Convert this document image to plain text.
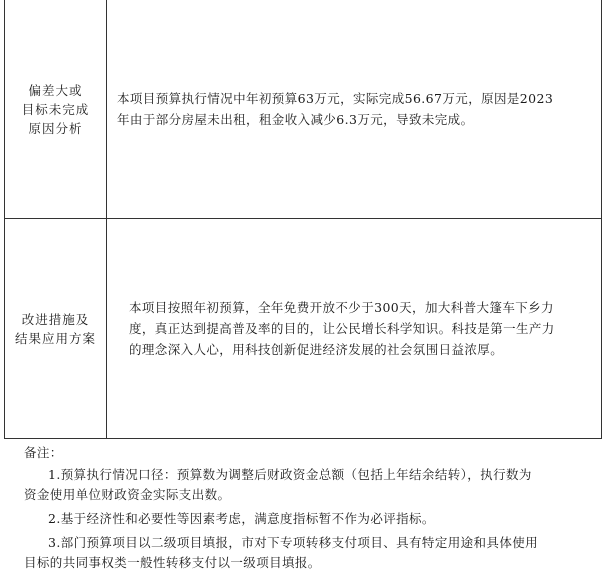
偏差大或
目标未完成
原因分析
本项目预算执行情况中年初预算63万元，实际完成56.67万元，原因是2023
年由于部分房屋未出租，租金收入减少6.3万元，导致未完成。
改进措施及
结果应用方案
本项目按照年初预算，全年免费开放不少于300天，加大科普大篷车下乡力
度，真正达到提高普及率的目的，让公民增长科学知识。科技是第一生产力
的理念深入人心，用科技创新促进经济发展的社会氛围日益浓厚。
备注：
1.预算执行情况口径：预算数为调整后财政资金总额（包括上年结余结转），执行数为
资金使用单位财政资金实际支出数。
2.基于经济性和必要性等因素考虑，满意度指标暂不作为必评指标。
3.部门预算项目以二级项目填报，市对下专项转移支付项目、具有特定用途和具体使用
目标的共同事权类一般性转移支付以一级项目填报。
